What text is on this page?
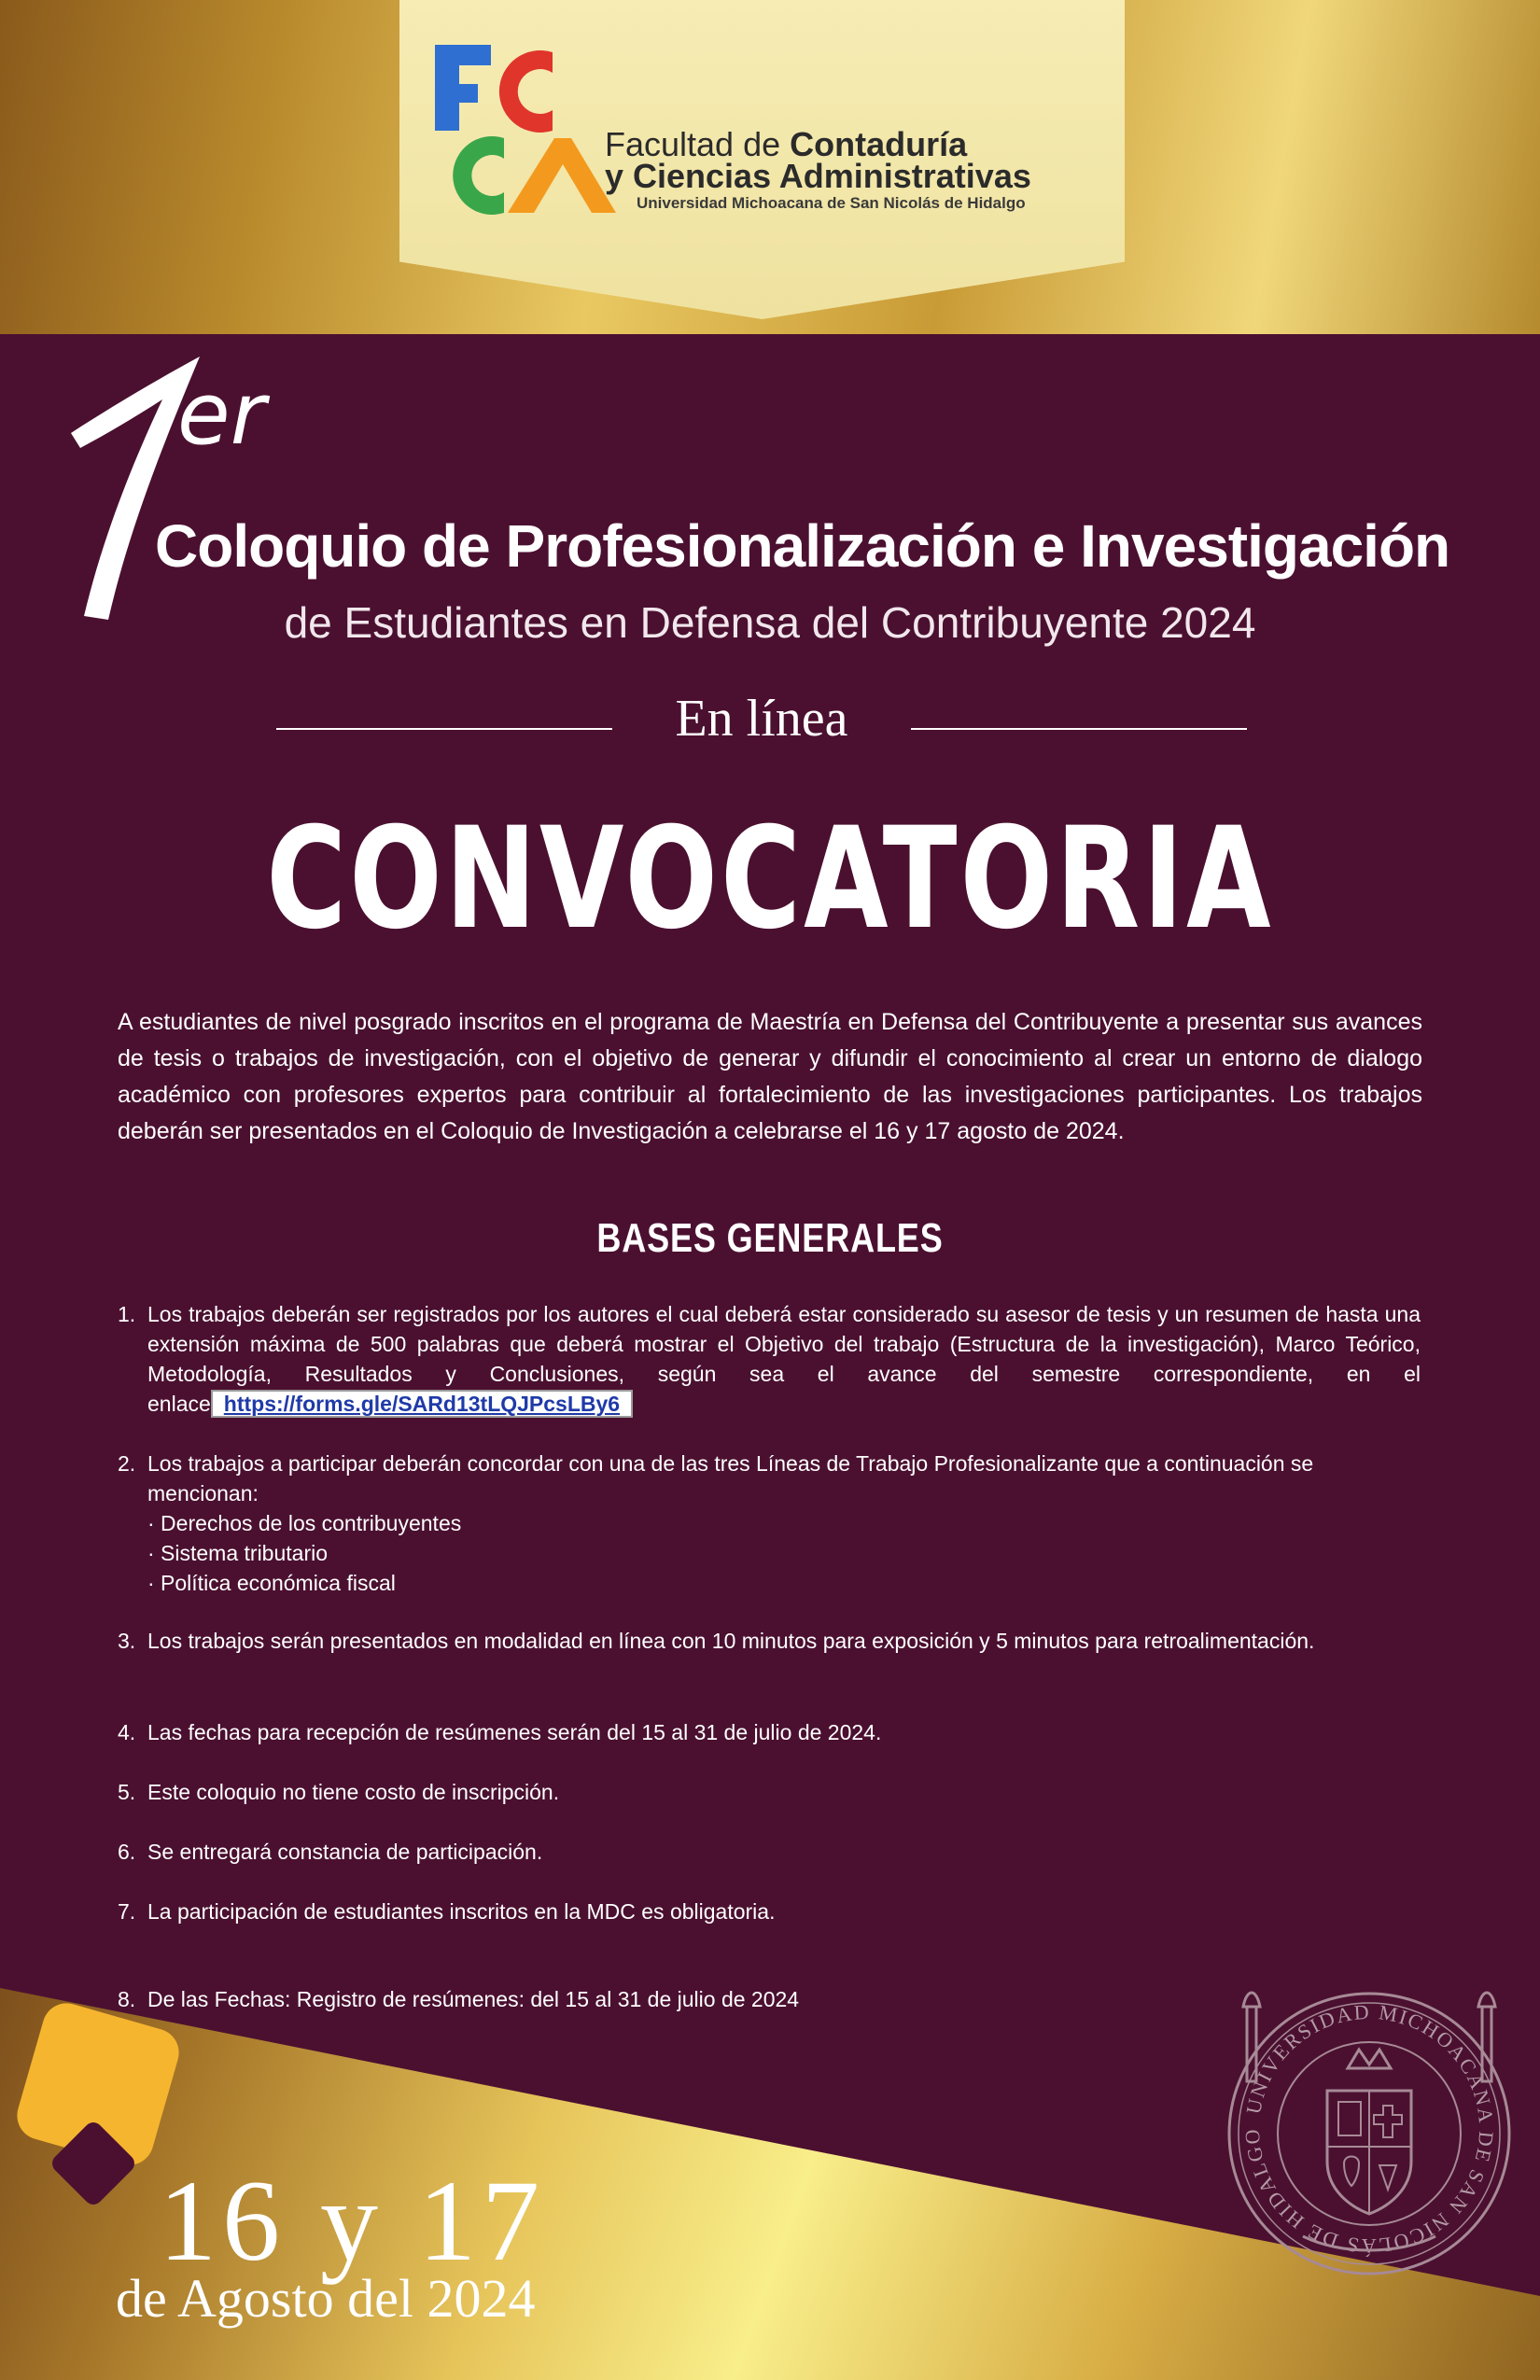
Facultad de Contaduría
y Ciencias Administrativas
Universidad Michoacana de San Nicolás de Hidalgo
er
Coloquio de Profesionalización e Investigación
de Estudiantes en Defensa del Contribuyente 2024
En línea
CONVOCATORIA
A estudiantes de nivel posgrado inscritos en el programa de Maestría en Defensa del Contribuyente a presentar sus avances de tesis o trabajos de investigación, con el objetivo de generar y difundir el conocimiento al crear un entorno de dialogo académico con profesores expertos para contribuir al fortalecimiento de las investigaciones participantes. Los trabajos deberán ser presentados en el Coloquio de Investigación a celebrarse el 16 y 17 agosto de 2024.
BASES GENERALES
1. Los trabajos deberán ser registrados por los autores el cual deberá estar considerado su asesor de tesis y un resumen de hasta una extensión máxima de 500 palabras que deberá mostrar el Objetivo del trabajo (Estructura de la investigación), Marco Teórico, Metodología, Resultados y Conclusiones, según sea el avance del semestre correspondiente, en el enlace https://forms.gle/SARd13tLQJPcsLBy6
2. Los trabajos a participar deberán concordar con una de las tres Líneas de Trabajo Profesionalizante que a continuación se mencionan:
· Derechos de los contribuyentes
· Sistema tributario
· Política económica fiscal
3. Los trabajos serán presentados en modalidad en línea con 10 minutos para exposición y 5 minutos para retroalimentación.
4. Las fechas para recepción de resúmenes serán del 15 al 31 de julio de 2024.
5. Este coloquio no tiene costo de inscripción.
6. Se entregará constancia de participación.
7. La participación de estudiantes inscritos en la MDC es obligatoria.
8. De las Fechas: Registro de resúmenes: del 15 al 31 de julio de 2024
16 y 17
de Agosto del 2024
UNIVERSIDAD MICHOACANA DE SAN NICOLÁS DE HIDALGO
